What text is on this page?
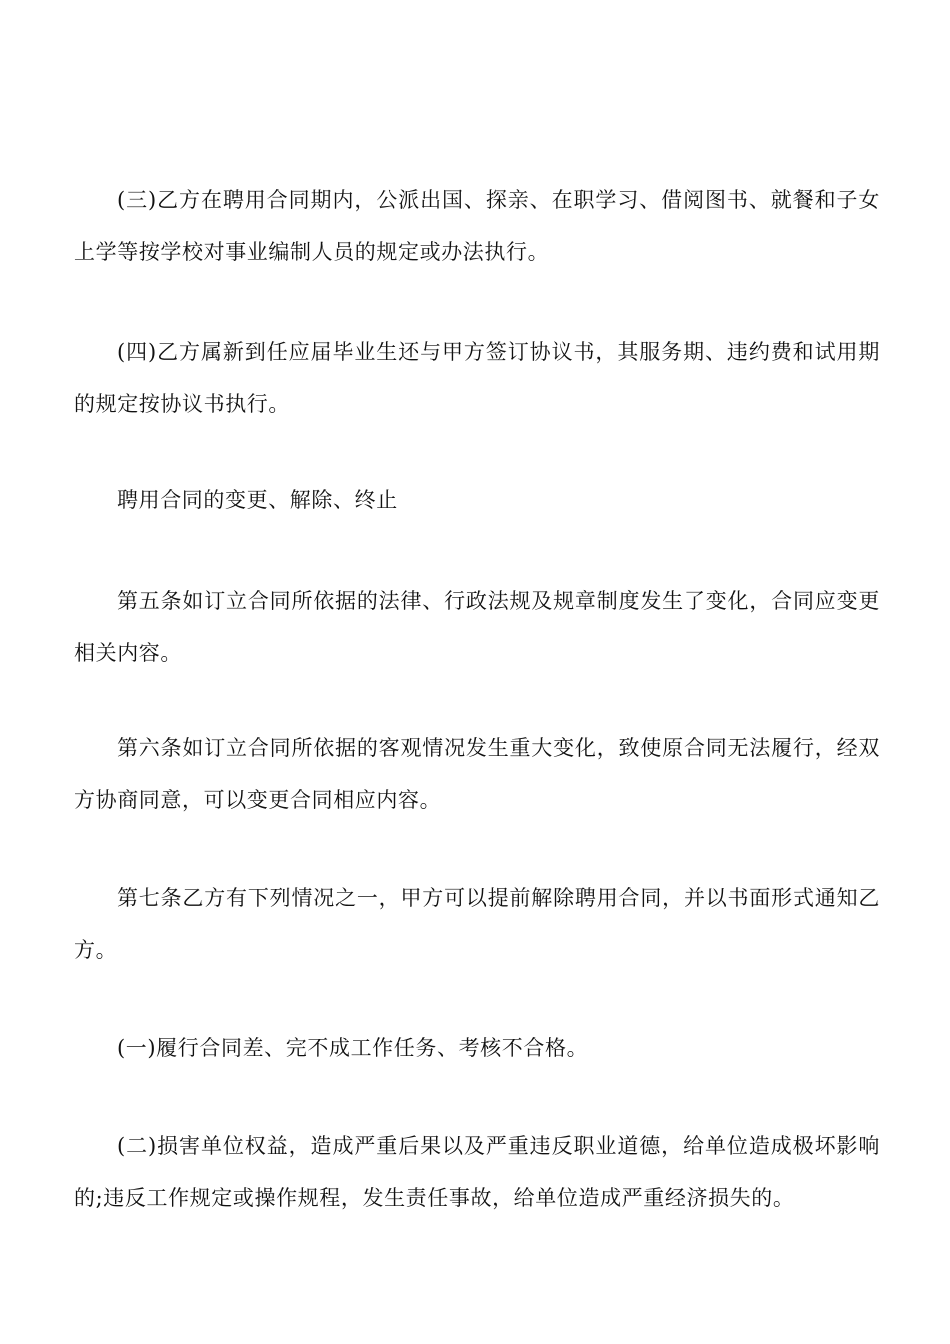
(三)乙方在聘用合同期内，公派出国、探亲、在职学习、借阅图书、就餐和子女上学等按学校对事业编制人员的规定或办法执行。

(四)乙方属新到任应届毕业生还与甲方签订协议书，其服务期、违约费和试用期的规定按协议书执行。

聘用合同的变更、解除、终止

第五条如订立合同所依据的法律、行政法规及规章制度发生了变化，合同应变更相关内容。

第六条如订立合同所依据的客观情况发生重大变化，致使原合同无法履行，经双方协商同意，可以变更合同相应内容。

第七条乙方有下列情况之一，甲方可以提前解除聘用合同，并以书面形式通知乙方。

(一)履行合同差、完不成工作任务、考核不合格。

(二)损害单位权益，造成严重后果以及严重违反职业道德，给单位造成极坏影响的;违反工作规定或操作规程，发生责任事故，给单位造成严重经济损失的。
